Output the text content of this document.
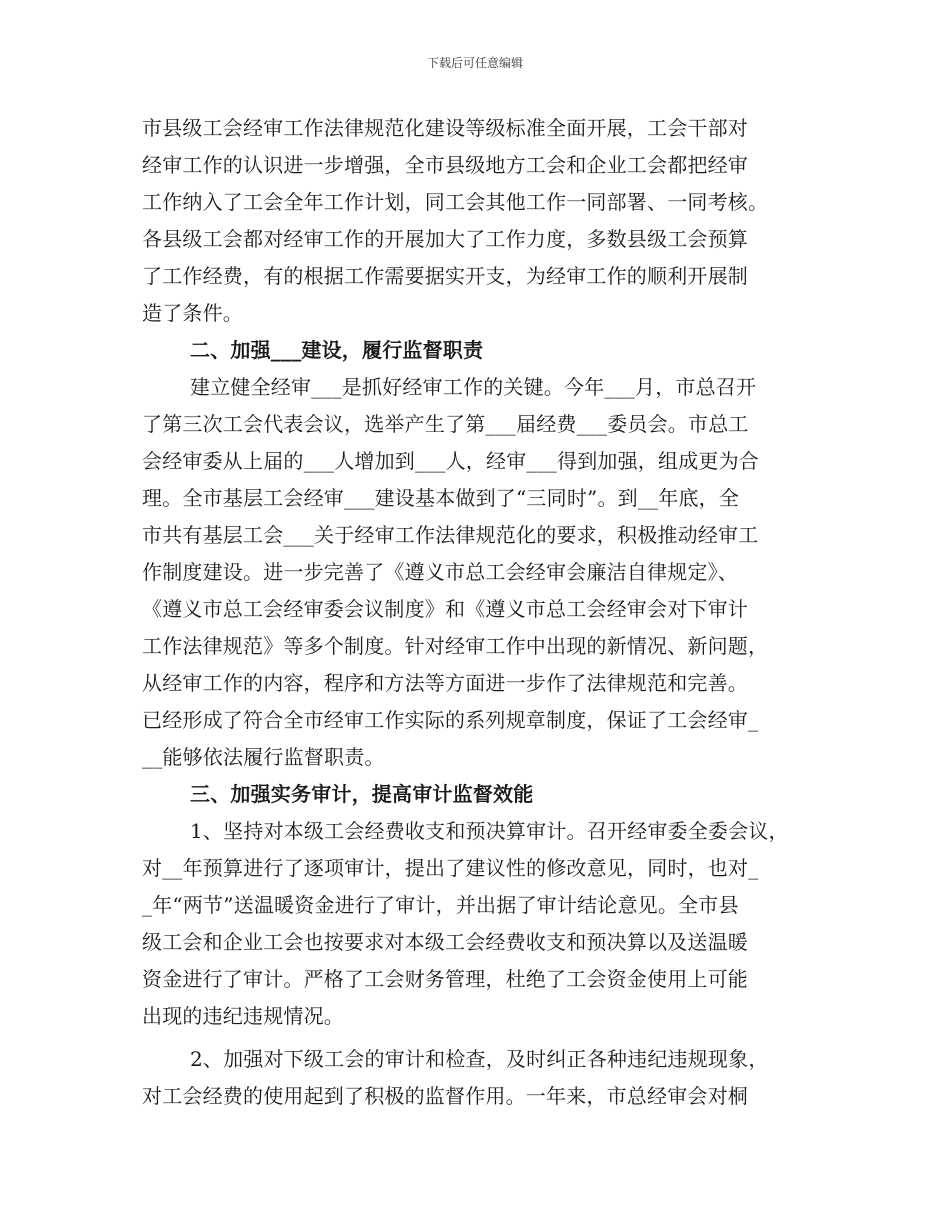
下载后可任意编辑
市县级工会经审工作法律规范化建设等级标准全面开展，工会干部对
经审工作的认识进一步增强，全市县级地方工会和企业工会都把经审
工作纳入了工会全年工作计划，同工会其他工作一同部署、一同考核。
各县级工会都对经审工作的开展加大了工作力度，多数县级工会预算
了工作经费，有的根据工作需要据实开支，为经审工作的顺利开展制
造了条件。
二、加强___建设，履行监督职责
建立健全经审___是抓好经审工作的关键。今年___月，市总召开
了第三次工会代表会议，选举产生了第___届经费___委员会。市总工
会经审委从上届的___人增加到___人，经审___得到加强，组成更为合
理。全市基层工会经审___建设基本做到了“三同时”。到__年底，全
市共有基层工会___关于经审工作法律规范化的要求，积极推动经审工
作制度建设。进一步完善了《遵义市总工会经审会廉洁自律规定》、
《遵义市总工会经审委会议制度》和《遵义市总工会经审会对下审计
工作法律规范》等多个制度。针对经审工作中出现的新情况、新问题，
从经审工作的内容，程序和方法等方面进一步作了法律规范和完善。
已经形成了符合全市经审工作实际的系列规章制度，保证了工会经审_
__能够依法履行监督职责。
三、加强实务审计，提高审计监督效能
1、坚持对本级工会经费收支和预决算审计。召开经审委全委会议，
对__年预算进行了逐项审计，提出了建议性的修改意见，同时，也对_
_年“两节”送温暖资金进行了审计，并出据了审计结论意见。全市县
级工会和企业工会也按要求对本级工会经费收支和预决算以及送温暖
资金进行了审计。严格了工会财务管理，杜绝了工会资金使用上可能
出现的违纪违规情况。
2、加强对下级工会的审计和检查，及时纠正各种违纪违规现象，
对工会经费的使用起到了积极的监督作用。一年来，市总经审会对桐
